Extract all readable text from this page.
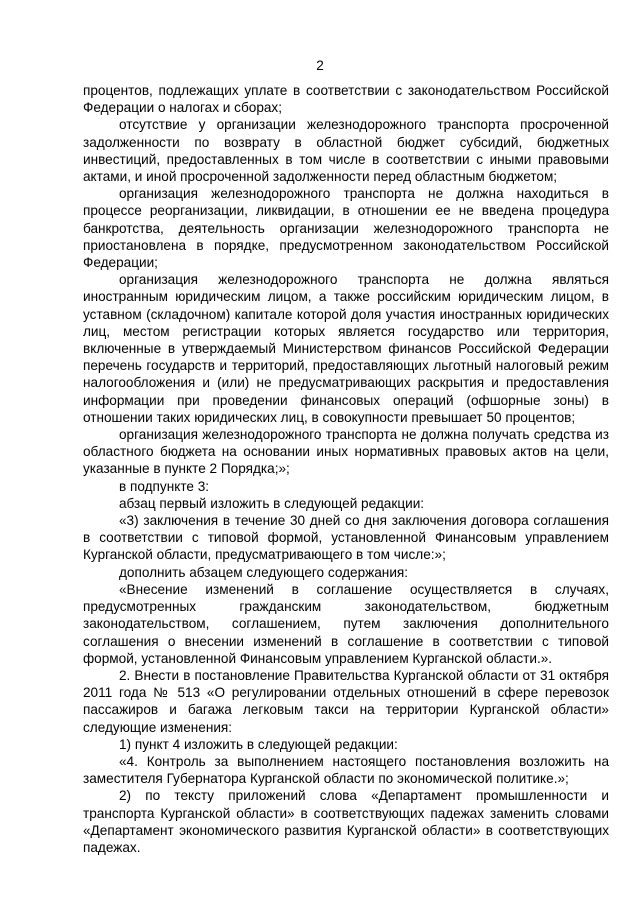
2

процентов, подлежащих уплате в соответствии с законодательством Российской Федерации о налогах и сборах;

отсутствие у организации железнодорожного транспорта просроченной задолженности по возврату в областной бюджет субсидий, бюджетных инвестиций, предоставленных в том числе в соответствии с иными правовыми актами, и иной просроченной задолженности перед областным бюджетом;

организация железнодорожного транспорта не должна находиться в процессе реорганизации, ликвидации, в отношении ее не введена процедура банкротства, деятельность организации железнодорожного транспорта не приостановлена в порядке, предусмотренном законодательством Российской Федерации;

организация железнодорожного транспорта не должна являться иностранным юридическим лицом, а также российским юридическим лицом, в уставном (складочном) капитале которой доля участия иностранных юридических лиц, местом регистрации которых является государство или территория, включенные в утверждаемый Министерством финансов Российской Федерации перечень государств и территорий, предоставляющих льготный налоговый режим налогообложения и (или) не предусматривающих раскрытия и предоставления информации при проведении финансовых операций (офшорные зоны) в отношении таких юридических лиц, в совокупности превышает 50 процентов;

организация железнодорожного транспорта не должна получать средства из областного бюджета на основании иных нормативных правовых актов на цели, указанные в пункте 2 Порядка;»;

в подпункте 3:

абзац первый изложить в следующей редакции:

«3) заключения в течение 30 дней со дня заключения договора соглашения в соответствии с типовой формой, установленной Финансовым управлением Курганской области, предусматривающего в том числе:»;

дополнить абзацем следующего содержания:

«Внесение изменений в соглашение осуществляется в случаях, предусмотренных гражданским законодательством, бюджетным законодательством, соглашением, путем заключения дополнительного соглашения о внесении изменений в соглашение в соответствии с типовой формой, установленной Финансовым управлением Курганской области.».

2. Внести в постановление Правительства Курганской области от 31 октября 2011 года № 513 «О регулировании отдельных отношений в сфере перевозок пассажиров и багажа легковым такси на территории Курганской области» следующие изменения:

1) пункт 4 изложить в следующей редакции:

«4. Контроль за выполнением настоящего постановления возложить на заместителя Губернатора Курганской области по экономической политике.»;

2) по тексту приложений слова «Департамент промышленности и транспорта Курганской области» в соответствующих падежах заменить словами «Департамент экономического развития Курганской области» в соответствующих падежах.
